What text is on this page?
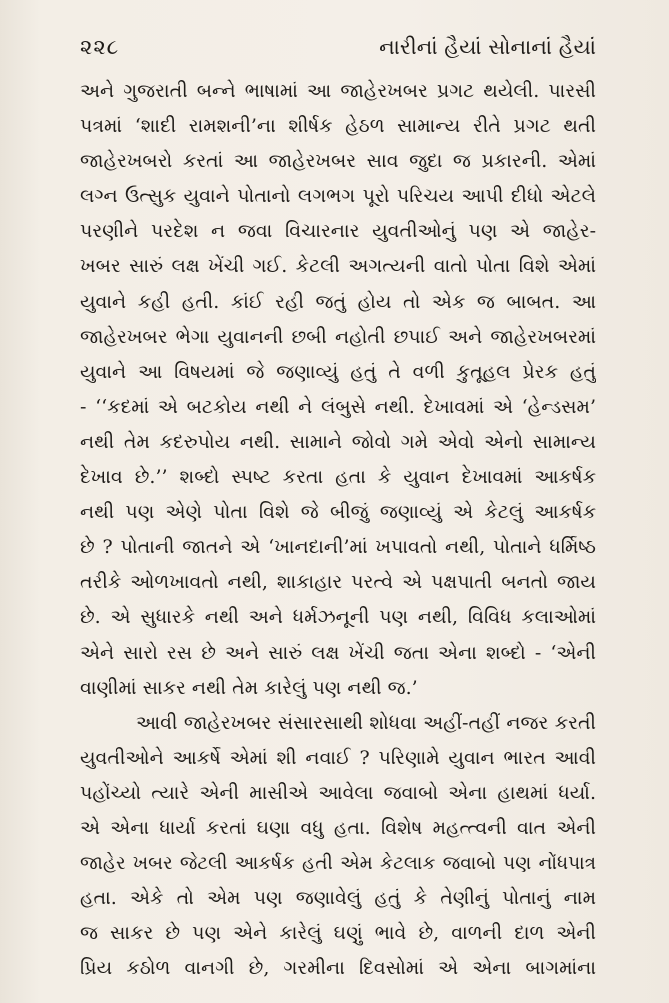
૨૨૮	નારીનાં હૈયાં સોનાનાં હૈયાં
અને ગુજરાતી બન્ને ભાષામાં આ જાહેરખબર પ્રગટ થયેલી. પારસી
પત્રમાં ‘શાદી રામશની’ના શીર્ષક હેઠળ સામાન્ય રીતે પ્રગટ થતી
જાહેરખબરો કરતાં આ જાહેરખબર સાવ જુદા જ પ્રકારની. એમાં
લગ્ન ઉત્સુક યુવાને પોતાનો લગભગ પૂરો પરિચય આપી દીધો એટલે
પરણીને પરદેશ ન જવા વિચારનાર યુવતીઓનું પણ એ જાહેર-
ખબર સારું લક્ષ ખેંચી ગઈ. કેટલી અગત્યની વાતો પોતા વિશે એમાં
યુવાને કહી હતી. કાંઈ રહી જતું હોય તો એક જ બાબત. આ
જાહેરખબર ભેગા યુવાનની છબી નહોતી છપાઈ અને જાહેરખબરમાં
યુવાને આ વિષયમાં જે જણાવ્યું હતું તે વળી કુતૂહલ પ્રેરક હતું
- ‘‘કદમાં એ બટકોય નથી ને લંબુસે નથી. દેખાવમાં એ ‘હેન્ડસમ’
નથી તેમ કદરુપોય નથી. સામાને જોવો ગમે એવો એનો સામાન્ય
દેખાવ છે.’’ શબ્દો સ્પષ્ટ કરતા હતા કે યુવાન દેખાવમાં આકર્ષક
નથી પણ એણે પોતા વિશે જે બીજું જણાવ્યું એ કેટલું આકર્ષક
છે ? પોતાની જાતને એ ‘ખાનદાની’માં ખપાવતો નથી, પોતાને ધર્મિષ્ઠ
તરીકે ઓળખાવતો નથી, શાકાહાર પરત્વે એ પક્ષપાતી બનતો જાય
છે. એ સુધારકે નથી અને ધર્મઝનૂની પણ નથી, વિવિધ કલાઓમાં
એને સારો રસ છે અને સારું લક્ષ ખેંચી જતા એના શબ્દો - ‘એની
વાણીમાં સાકર નથી તેમ કારેલું પણ નથી જ.’
આવી જાહેરખબર સંસારસાથી શોધવા અહીં-તહીં નજર કરતી
યુવતીઓને આકર્ષે એમાં શી નવાઈ ? પરિણામે યુવાન ભારત આવી
પહોંચ્યો ત્યારે એની માસીએ આવેલા જવાબો એના હાથમાં ધર્યા.
એ એના ધાર્યા કરતાં ઘણા વધુ હતા. વિશેષ મહત્ત્વની વાત એની
જાહેર ખબર જેટલી આકર્ષક હતી એમ કેટલાક જવાબો પણ નોંધપાત્ર
હતા. એકે તો એમ પણ જણાવેલું હતું કે તેણીનું પોતાનું નામ
જ સાકર છે પણ એને કારેલું ઘણું ભાવે છે, વાળની દાળ એની
પ્રિય કઠોળ વાનગી છે, ગરમીના દિવસોમાં એ એના બાગમાંના
